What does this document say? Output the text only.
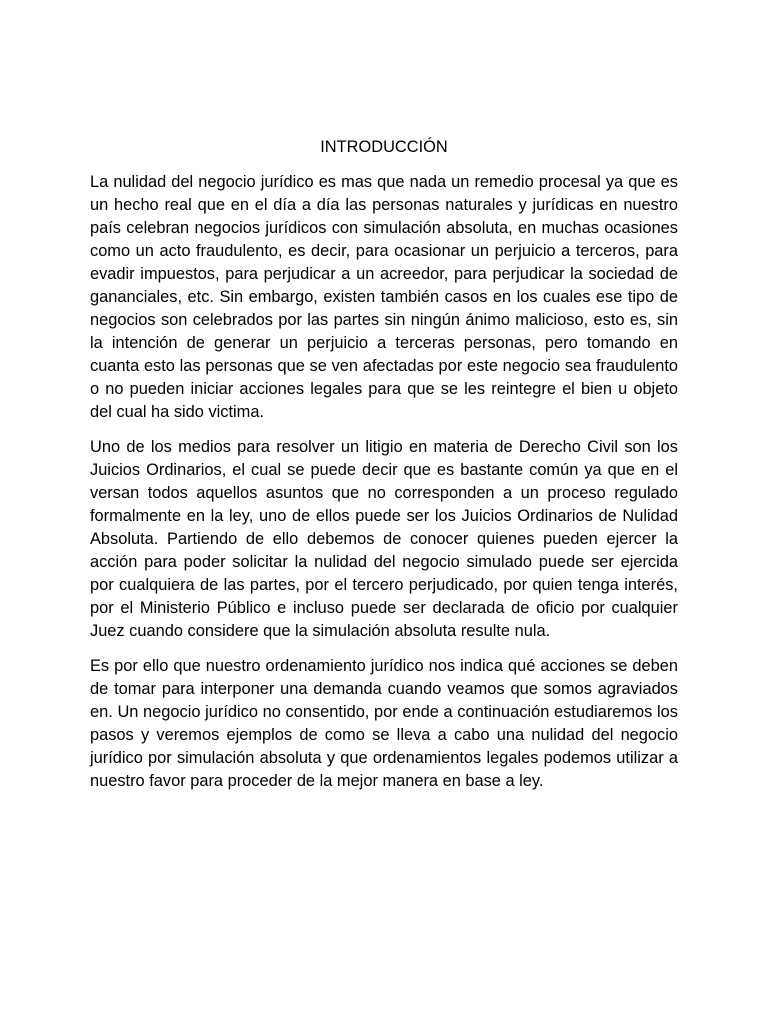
INTRODUCCIÓN

La nulidad del negocio jurídico es mas que nada un remedio procesal ya que es un hecho real que en el día a día las personas naturales y jurídicas en nuestro país celebran negocios jurídicos con simulación absoluta, en muchas ocasiones como un acto fraudulento, es decir, para ocasionar un perjuicio a terceros, para evadir impuestos, para perjudicar a un acreedor, para perjudicar la sociedad de gananciales, etc. Sin embargo, existen también casos en los cuales ese tipo de negocios son celebrados por las partes sin ningún ánimo malicioso, esto es, sin la intención de generar un perjuicio a terceras personas, pero tomando en cuanta esto las personas que se ven afectadas por este negocio sea fraudulento o no pueden iniciar acciones legales para que se les reintegre el bien u objeto del cual ha sido victima.

Uno de los medios para resolver un litigio en materia de Derecho Civil son los Juicios Ordinarios, el cual se puede decir que es bastante común ya que en el versan todos aquellos asuntos que no corresponden a un proceso regulado formalmente en la ley, uno de ellos puede ser los Juicios Ordinarios de Nulidad Absoluta. Partiendo de ello debemos de conocer quienes pueden ejercer la acción para poder solicitar la nulidad del negocio simulado puede ser ejercida por cualquiera de las partes, por el tercero perjudicado, por quien tenga interés, por el Ministerio Público e incluso puede ser declarada de oficio por cualquier Juez cuando considere que la simulación absoluta resulte nula.

Es por ello que nuestro ordenamiento jurídico nos indica qué acciones se deben de tomar para interponer una demanda cuando veamos que somos agraviados en. Un negocio jurídico no consentido, por ende a continuación estudiaremos los pasos y veremos ejemplos de como se lleva a cabo una nulidad del negocio jurídico por simulación absoluta y que ordenamientos legales podemos utilizar a nuestro favor para proceder de la mejor manera en base a ley.
